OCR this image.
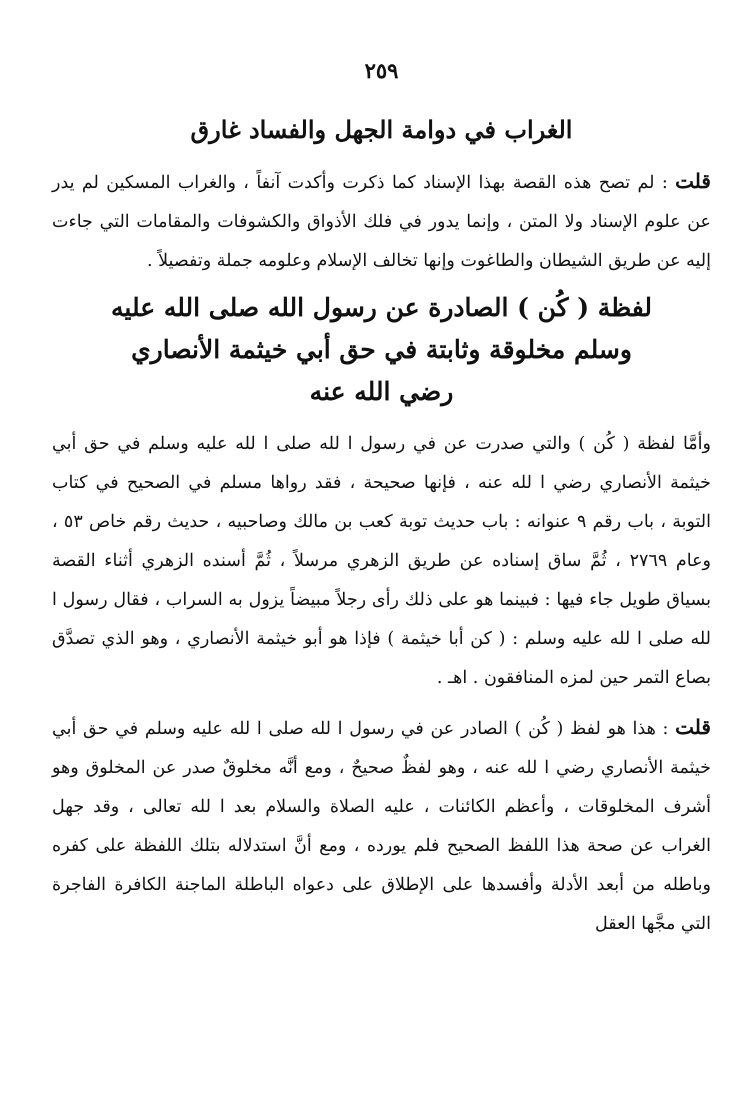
٢٥٩
الغراب في دوامة الجهل والفساد غارق

قلت : لم تصح هذه القصة بهذا الإسناد كما ذكرت وأكدت آنفاً ، والغراب المسكين لم يدر عن علوم الإسناد ولا المتن ، وإنما يدور في فلك الأذواق والكشوفات والمقامات التي جاءت إليه عن طريق الشيطان والطاغوت وإنها تخالف الإسلام وعلومه جملة وتفصيلاً .

لفظة ( كُن ) الصادرة عن رسول الله صلى الله عليه
وسلم مخلوقة وثابتة في حق أبي خيثمة الأنصاري
رضي الله عنه

وأمَّا لفظة ( كُن ) والتي صدرت عن في رسول ا لله صلى ا لله عليه وسلم في حق أبي خيثمة الأنصاري رضي ا لله عنه ، فإنها صحيحة ، فقد رواها مسلم في الصحيح في كتاب التوبة ، باب رقم ٩ عنوانه : باب حديث توبة كعب بن مالك وصاحبيه ، حديث رقم خاص ٥٣ ، وعام ٢٧٦٩ ، ثُمَّ ساق إسناده عن طريق الزهري مرسلاً ، ثُمَّ أسنده الزهري أثناء القصة بسياق طويل جاء فيها : فبينما هو على ذلك رأى رجلاً مبيضاً يزول به السراب ، فقال رسول ا لله صلى ا لله عليه وسلم : ( كن أبا خيثمة ) فإذا هو أبو خيثمة الأنصاري ، وهو الذي تصدَّق بصاع التمر حين لمزه المنافقون . اهـ .

قلت : هذا هو لفظ ( كُن ) الصادر عن في رسول ا لله صلى ا لله عليه وسلم في حق أبي خيثمة الأنصاري رضي ا لله عنه ، وهو لفظٌ صحيحٌ ، ومع أنَّه مخلوقٌ صدر عن المخلوق وهو أشرف المخلوقات ، وأعظم الكائنات ، عليه الصلاة والسلام بعد ا لله تعالى ، وقد جهل الغراب عن صحة هذا اللفظ الصحيح فلم يورده ، ومع أنَّ استدلاله بتلك اللفظة على كفره وباطله من أبعد الأدلة وأفسدها على الإطلاق على دعواه الباطلة الماجنة الكافرة الفاجرة التي مجَّها العقل
